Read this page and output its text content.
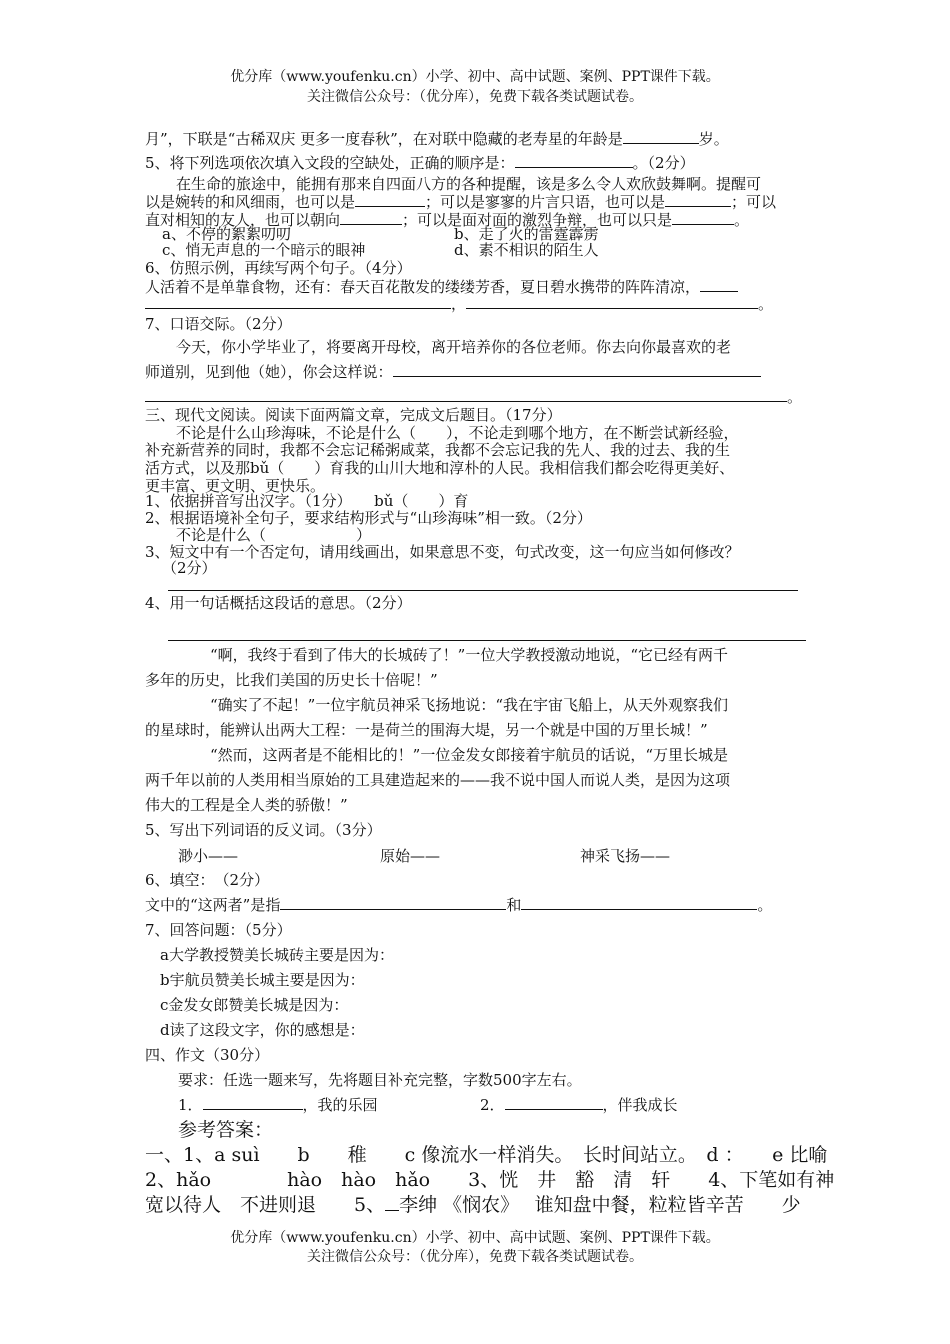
优分库（www.youfenku.cn）小学、初中、高中试题、案例、PPT课件下载。
关注微信公众号：（优分库），免费下载各类试题试卷。
月”，下联是“古稀双庆 更多一度春秋”，在对联中隐藏的老寿星的年龄是	岁。
5、将下列选项依次填入文段的空缺处，正确的顺序是：	。（2分）
在生命的旅途中，能拥有那来自四面八方的各种提醒，该是多么令人欢欣鼓舞啊。提醒可
以是婉转的和风细雨，也可以是	；可以是寥寥的片言只语，也可以是	；可以
直对相知的友人，也可以朝向	；可以是面对面的激烈争辩，也可以只是	。
a、不停的絮絮叨叨	b、走了火的雷霆霹雳
c、悄无声息的一个暗示的眼神	d、素不相识的陌生人
6、仿照示例，再续写两个句子。（4分）
人活着不是单靠食物，还有：春天百花散发的缕缕芳香，夏日碧水携带的阵阵清凉，
，	。
7、口语交际。（2分）
今天，你小学毕业了，将要离开母校，离开培养你的各位老师。你去向你最喜欢的老
师道别，见到他（她），你会这样说：
。
三、现代文阅读。阅读下面两篇文章，完成文后题目。（17分）
不论是什么山珍海味，不论是什么（　　），不论走到哪个地方，在不断尝试新经验，
补充新营养的同时，我都不会忘记稀粥咸菜，我都不会忘记我的先人、我的过去、我的生
活方式，以及那bǔ（　　）育我的山川大地和淳朴的人民。我相信我们都会吃得更美好、
更丰富、更文明、更快乐。
1、依据拼音写出汉字。（1分）　　bǔ（　　）育
2、根据语境补全句子，要求结构形式与“山珍海味”相一致。（2分）
不论是什么（　　　　　　）
3、短文中有一个否定句，请用线画出，如果意思不变，句式改变，这一句应当如何修改？
（2分）
4、用一句话概括这段话的意思。（2分）
“啊，我终于看到了伟大的长城砖了！”一位大学教授激动地说，“它已经有两千
多年的历史，比我们美国的历史长十倍呢！”
“确实了不起！”一位宇航员神采飞扬地说：“我在宇宙飞船上，从天外观察我们
的星球时，能辨认出两大工程：一是荷兰的围海大堤，另一个就是中国的万里长城！”
“然而，这两者是不能相比的！”一位金发女郎接着宇航员的话说，“万里长城是
两千年以前的人类用相当原始的工具建造起来的——我不说中国人而说人类，是因为这项
伟大的工程是全人类的骄傲！”
5、写出下列词语的反义词。（3分）
渺小——	原始——	神采飞扬——
6、填空：　（2分）
文中的“这两者”是指	和	。
7、回答问题：（5分）
a大学教授赞美长城砖主要是因为：
b宇航员赞美长城主要是因为：
c金发女郎赞美长城是因为：
d读了这段文字，你的感想是：
四、作文（30分）
要求：任选一题来写，先将题目补充完整，字数500字左右。
1．	，我的乐园	2．	，伴我成长
参考答案：
一、1、a suì　　b　　稚　　c 像流水一样消失。　长时间站立。　d ：　　e 比喻
2、hǎo　　　　hào　hào　hǎo　　3、恍　井　豁　清　轩　　4、下笔如有神
宽以待人　不进则退　　5、 李绅 《悯农》　 谁知盘中餐，粒粒皆辛苦　　少
优分库（www.youfenku.cn）小学、初中、高中试题、案例、PPT课件下载。
关注微信公众号：（优分库），免费下载各类试题试卷。
